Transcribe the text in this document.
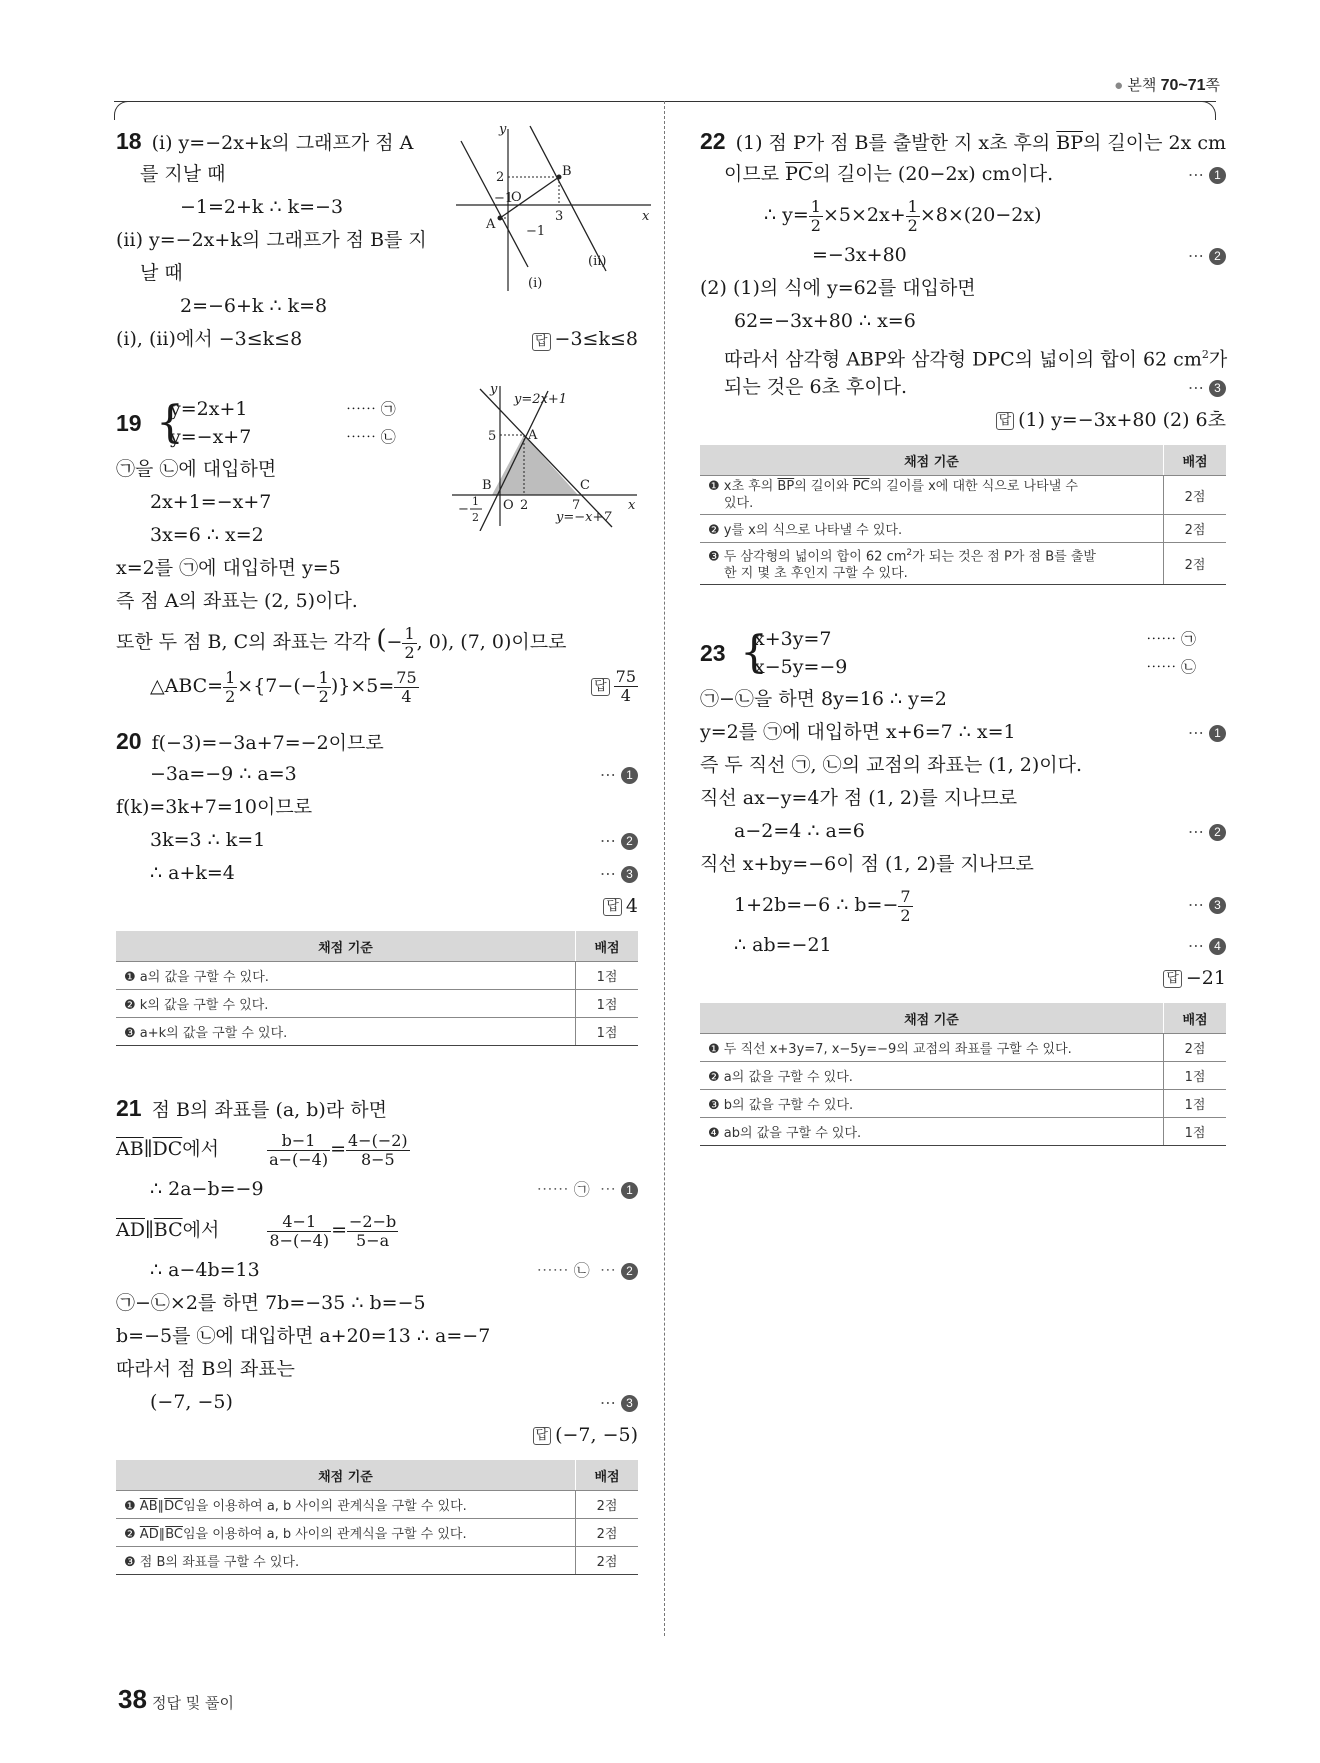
● 본책 70~71쪽
18 (ⅰ) y=−2x+k의 그래프가 점 A
를 지날 때
−1=2+k ∴ k=−3
(ⅱ) y=−2x+k의 그래프가 점 B를 지
날 때
2=−6+k ∴ k=8
(ⅰ), (ⅱ)에서 −3≤k≤8	답 −3≤k≤8
y
x
O
A
B
2
−1
3
−1
(ⅰ)
(ⅱ)
19 {
y=2x+1
y=−x+7
⋯⋯ ㉠
⋯⋯ ㉡
㉠을 ㉡에 대입하면
2x+1=−x+7
3x=6 ∴ x=2
x=2를 ㉠에 대입하면 y=5
즉 점 A의 좌표는 (2, 5)이다.
또한 두 점 B, C의 좌표는 각각 (− $\frac{1}{2}$ , 0), (7, 0)이므로
△ABC= $\frac{1}{2} \times\{7-(- \frac{1}{2} )\}\times 5= \frac{75}{4}$	답 $\frac{75}{4}$
y
x
A
B	C
O
5
2	7
−
1
2
y=2x+1
y=−x+7
20 f(−3)=−3a+7=−2이므로
−3a=−9 ∴ a=3	⋯ 1
f(k)=3k+7=10이므로
3k=3 ∴ k=1	⋯ 2
∴ a+k=4	⋯ 3
답 4
채점 기준	배점
❶ a의 값을 구할 수 있다.	1점
❷ k의 값을 구할 수 있다.	1점
❸ a+k의 값을 구할 수 있다.	1점
21 점 B의 좌표를 (a, b)라 하면
$\overline{AB}\parallel\overline{DC}$에서	$\frac{b-1}{a-(-4)} = \frac{4-(-2)}{8-5}$
∴ 2a−b=−9	⋯⋯ ㉠ ⋯ 1
$\overline{AD}\parallel\overline{BC}$에서	$\frac{4-1}{8-(-4)} = \frac{-2-b}{5-a}$
∴ a−4b=13	⋯⋯ ㉡ ⋯ 2
㉠−㉡×2를 하면 7b=−35 ∴ b=−5
b=−5를 ㉡에 대입하면 a+20=13 ∴ a=−7
따라서 점 B의 좌표는
(−7, −5)	⋯ 3
답 (−7, −5)
채점 기준	배점
❶ $\overline{AB}\parallel\overline{DC}$임을 이용하여 a, b 사이의 관계식을 구할 수 있다.	2점
❷ $\overline{AD}\parallel\overline{BC}$임을 이용하여 a, b 사이의 관계식을 구할 수 있다.	2점
❸ 점 B의 좌표를 구할 수 있다.	2점
22 (1) 점 P가 점 B를 출발한 지 x초 후의 $\overline{BP}$의 길이는 2x cm
이므로 $\overline{PC}$의 길이는 (20−2x) cm이다.	⋯ 1
∴ $y= \frac{1}{2} \times 5\times 2x+ \frac{1}{2} \times 8\times(20-2x)$
=−3x+80	⋯ 2
(2) (1)의 식에 y=62를 대입하면
62=−3x+80 ∴ x=6
따라서 삼각형 ABP와 삼각형 DPC의 넓이의 합이 62 $cm^2$가
되는 것은 6초 후이다.	⋯ 3
답 (1) y=−3x+80 (2) 6초
채점 기준	배점
❶ x초 후의 $\overline{BP}$의 길이와 $\overline{PC}$의 길이를 x에 대한 식으로 나타낼 수
있다.	2점
❷ y를 x의 식으로 나타낼 수 있다.	2점
❸ 두 삼각형의 넓이의 합이 62 $cm^2$가 되는 것은 점 P가 점 B를 출발
한 지 몇 초 후인지 구할 수 있다.	2점
23 {
x+3y=7
x−5y=−9
⋯⋯ ㉠
⋯⋯ ㉡
㉠−㉡을 하면 8y=16 ∴ y=2
y=2를 ㉠에 대입하면 x+6=7 ∴ x=1	⋯ 1
즉 두 직선 ㉠, ㉡의 교점의 좌표는 (1, 2)이다.
직선 ax−y=4가 점 (1, 2)를 지나므로
a−2=4 ∴ a=6	⋯ 2
직선 x+by=−6이 점 (1, 2)를 지나므로
1+2b=−6 ∴ $b=- \frac{7}{2}$	⋯ 3
∴ ab=−21	⋯ 4
답 −21
채점 기준	배점
❶ 두 직선 x+3y=7, x−5y=−9의 교점의 좌표를 구할 수 있다.	2점
❷ a의 값을 구할 수 있다.	1점
❸ b의 값을 구할 수 있다.	1점
❹ ab의 값을 구할 수 있다.	1점
38 정답 및 풀이
